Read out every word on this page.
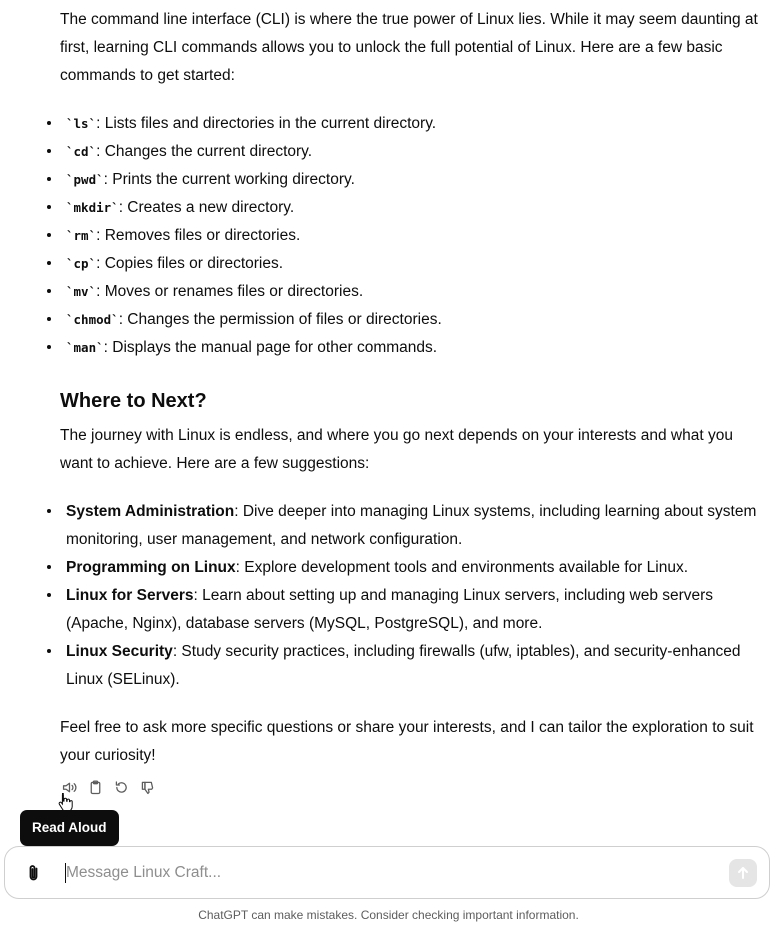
The command line interface (CLI) is where the true power of Linux lies. While it may seem daunting at first, learning CLI commands allows you to unlock the full potential of Linux. Here are a few basic commands to get started:

`ls`: Lists files and directories in the current directory.
`cd`: Changes the current directory.
`pwd`: Prints the current working directory.
`mkdir`: Creates a new directory.
`rm`: Removes files or directories.
`cp`: Copies files or directories.
`mv`: Moves or renames files or directories.
`chmod`: Changes the permission of files or directories.
`man`: Displays the manual page for other commands.
Where to Next?

The journey with Linux is endless, and where you go next depends on your interests and what you want to achieve. Here are a few suggestions:

System Administration: Dive deeper into managing Linux systems, including learning about system monitoring, user management, and network configuration.
Programming on Linux: Explore development tools and environments available for Linux.
Linux for Servers: Learn about setting up and managing Linux servers, including web servers (Apache, Nginx), database servers (MySQL, PostgreSQL), and more.
Linux Security: Study security practices, including firewalls (ufw, iptables), and security-enhanced Linux (SELinux).

Feel free to ask more specific questions or share your interests, and I can tailor the exploration to suit your curiosity!

Read Aloud
Message Linux Craft...
ChatGPT can make mistakes. Consider checking important information.
